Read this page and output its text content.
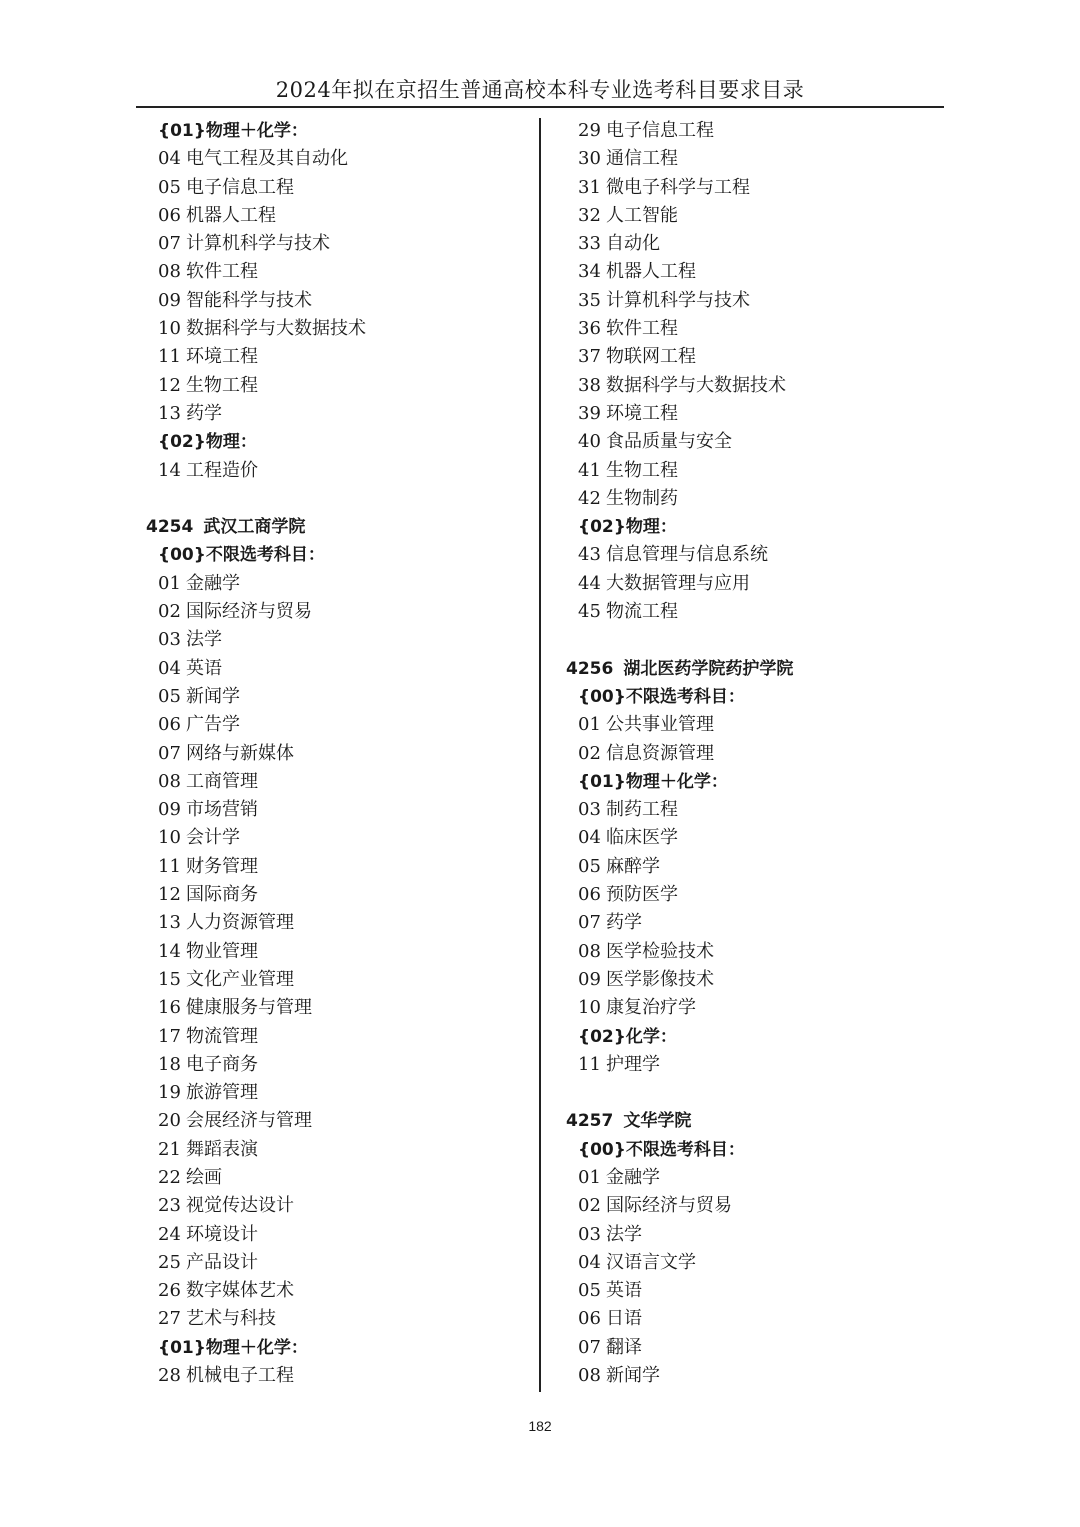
2024年拟在京招生普通高校本科专业选考科目要求目录
{01}物理＋化学：
04 电气工程及其自动化
05 电子信息工程
06 机器人工程
07 计算机科学与技术
08 软件工程
09 智能科学与技术
10 数据科学与大数据技术
11 环境工程
12 生物工程
13 药学
{02}物理：
14 工程造价
4254 武汉工商学院
{00}不限选考科目：
01 金融学
02 国际经济与贸易
03 法学
04 英语
05 新闻学
06 广告学
07 网络与新媒体
08 工商管理
09 市场营销
10 会计学
11 财务管理
12 国际商务
13 人力资源管理
14 物业管理
15 文化产业管理
16 健康服务与管理
17 物流管理
18 电子商务
19 旅游管理
20 会展经济与管理
21 舞蹈表演
22 绘画
23 视觉传达设计
24 环境设计
25 产品设计
26 数字媒体艺术
27 艺术与科技
{01}物理＋化学：
28 机械电子工程
29 电子信息工程
30 通信工程
31 微电子科学与工程
32 人工智能
33 自动化
34 机器人工程
35 计算机科学与技术
36 软件工程
37 物联网工程
38 数据科学与大数据技术
39 环境工程
40 食品质量与安全
41 生物工程
42 生物制药
{02}物理：
43 信息管理与信息系统
44 大数据管理与应用
45 物流工程
4256 湖北医药学院药护学院
{00}不限选考科目：
01 公共事业管理
02 信息资源管理
{01}物理＋化学：
03 制药工程
04 临床医学
05 麻醉学
06 预防医学
07 药学
08 医学检验技术
09 医学影像技术
10 康复治疗学
{02}化学：
11 护理学
4257 文华学院
{00}不限选考科目：
01 金融学
02 国际经济与贸易
03 法学
04 汉语言文学
05 英语
06 日语
07 翻译
08 新闻学
182
